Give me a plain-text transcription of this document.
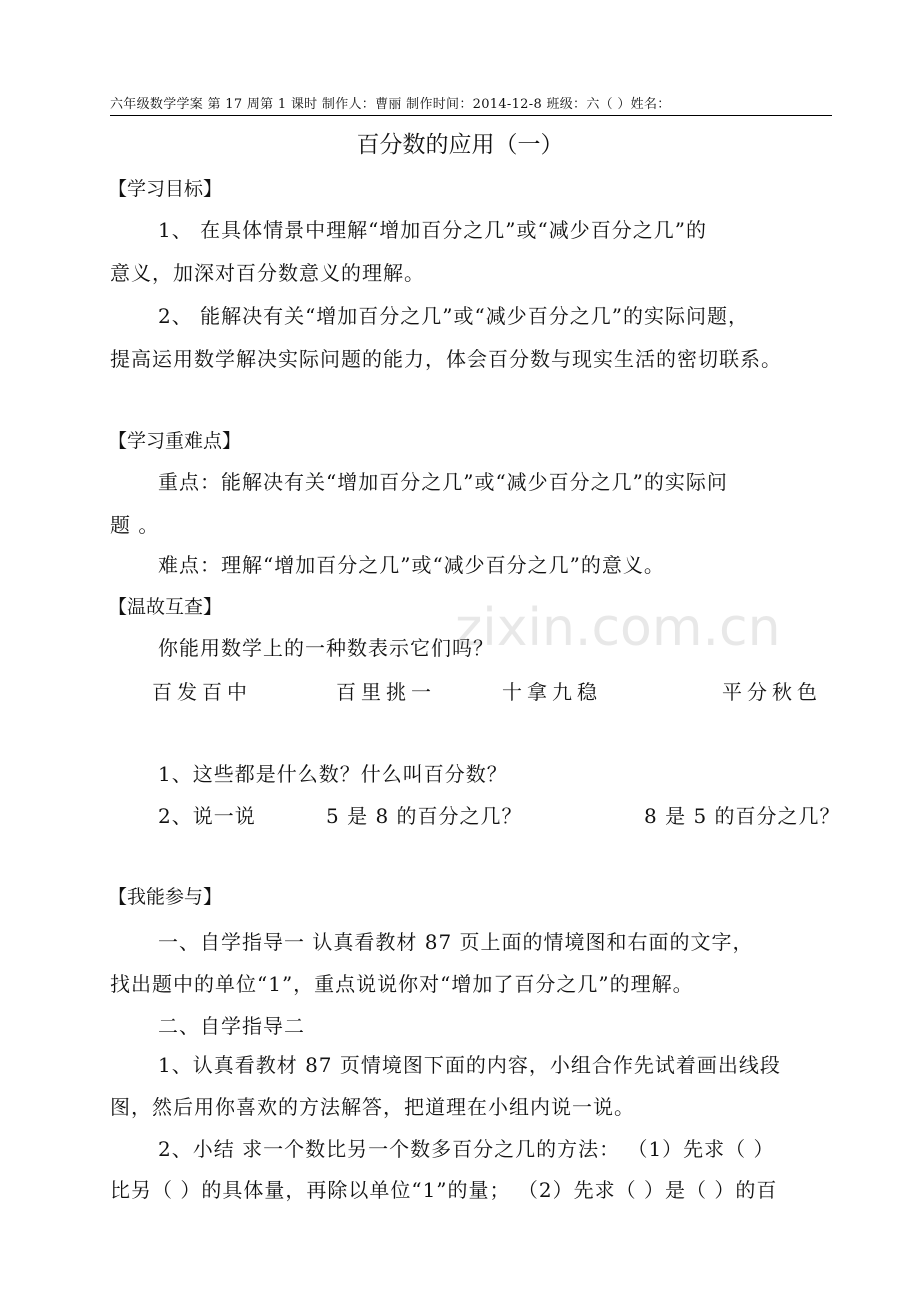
六年级数学学案 第 17 周第 1 课时 制作人：曹丽 制作时间：2014-12-8 班级：六（ ）姓名：
百分数的应用（一）
【学习目标】
1、 在具体情景中理解“增加百分之几”或“减少百分之几”的
意义，加深对百分数意义的理解。
2、 能解决有关“增加百分之几”或“减少百分之几”的实际问题，
提高运用数学解决实际问题的能力，体会百分数与现实生活的密切联系。
【学习重难点】
重点：能解决有关“增加百分之几”或“减少百分之几”的实际问
题 。
难点：理解“增加百分之几”或“减少百分之几”的意义。
【温故互查】
你能用数学上的一种数表示它们吗？
百发百中	百里挑一	十拿九稳	平分秋色
1、这些都是什么数？什么叫百分数？
2、说一说	5 是 8 的百分之几？	8 是 5 的百分之几？
【我能参与】
一、自学指导一 认真看教材 87 页上面的情境图和右面的文字，
找出题中的单位“1”，重点说说你对“增加了百分之几”的理解。
二、自学指导二
1、认真看教材 87 页情境图下面的内容，小组合作先试着画出线段
图，然后用你喜欢的方法解答，把道理在小组内说一说。
2、小结 求一个数比另一个数多百分之几的方法： （1）先求（ ）
比另（ ）的具体量，再除以单位“1”的量； （2）先求（ ）是（ ）的百
zixin.com.cn
